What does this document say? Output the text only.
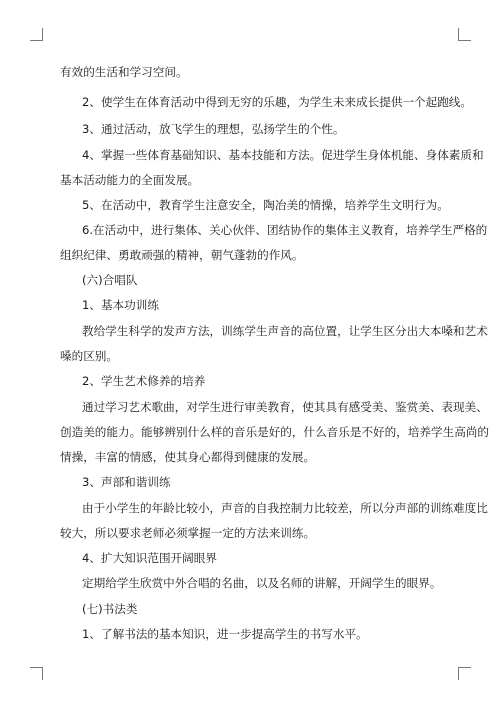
有效的生活和学习空间。
2、使学生在体育活动中得到无穷的乐趣，为学生未来成长提供一个起跑线。
3、通过活动，放飞学生的理想，弘扬学生的个性。
4、掌握一些体育基础知识、基本技能和方法。促进学生身体机能、身体素质和
基本活动能力的全面发展。
5、在活动中，教育学生注意安全，陶冶美的情操，培养学生文明行为。
6.在活动中，进行集体、关心伙伴、团结协作的集体主义教育，培养学生严格的
组织纪律、勇敢顽强的精神，朝气蓬勃的作风。
(六)合唱队
1、基本功训练
教给学生科学的发声方法，训练学生声音的高位置，让学生区分出大本嗓和艺术
嗓的区别。
2、学生艺术修养的培养
通过学习艺术歌曲，对学生进行审美教育，使其具有感受美、鉴赏美、表现美、
创造美的能力。能够辨别什么样的音乐是好的，什么音乐是不好的，培养学生高尚的
情操，丰富的情感，使其身心都得到健康的发展。
3、声部和谐训练
由于小学生的年龄比较小，声音的自我控制力比较差，所以分声部的训练难度比
较大，所以要求老师必须掌握一定的方法来训练。
4、扩大知识范围开阔眼界
定期给学生欣赏中外合唱的名曲，以及名师的讲解，开阔学生的眼界。
(七)书法类
1、了解书法的基本知识，进一步提高学生的书写水平。
